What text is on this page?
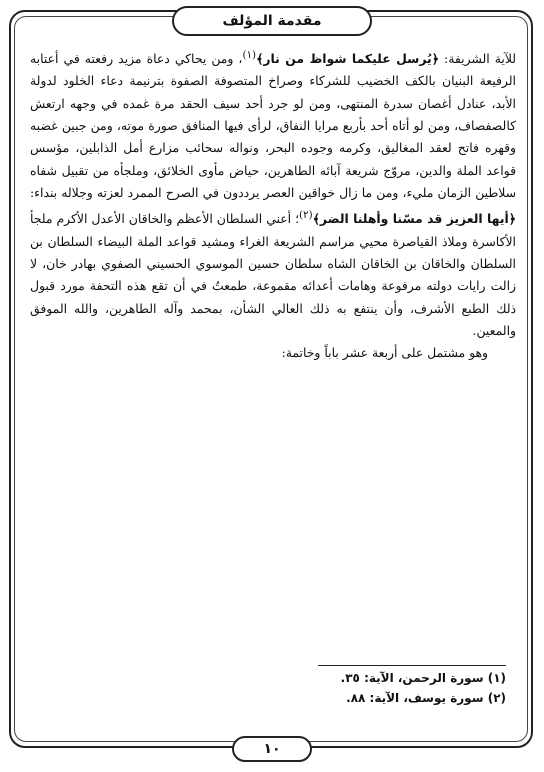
مقدمة المؤلف

للآية الشريفة: ﴿يُرسل عليكما شواظ من نار﴾$^{(١)}$، ومن يحاكي دعاة مزيد رفعته في أعتابه الرفيعة البنيان بالكف الخضيب للشركاء وصراخ المتصوفة الصفوة بترنيمة دعاء الخلود لدولة الأبد، عنادل أغصان سدرة المنتهى، ومن لو جرد أحد سيف الحقد مرة غمده في وجهه ارتعش كالصفصاف، ومن لو أتاه أحد بأربع مرايا النفاق، لرأى فيها المنافق صورة موته، ومن جبين غضبه وقهره فاتح لعقد المغاليق، وكرمه وجوده البحر، ونواله سحائب مزارع أمل الذابلين، مؤسس قواعد الملة والدين، مروّج شريعة آبائه الطاهرين، حياض مأوى الخلائق، وملجأه من تقبيل شفاه سلاطين الزمان مليء، ومن ما زال خواقين العصر يرددون في الصرح الممرد لعزته وجلاله بنداء: ﴿أيها العزيز قد مسّنا وأهلنا الضر﴾$^{(٢)}$؛ أعني السلطان الأعظم والخاقان الأعدل الأكرم ملجأ الأكاسرة وملاذ القياصرة محيي مراسم الشريعة الغراء ومشيد قواعد الملة البيضاء السلطان بن السلطان والخاقان بن الخاقان الشاه سلطان حسين الموسوي الحسيني الصفوي بهادر خان، لا زالت رايات دولته مرفوعة وهامات أعدائه مقموعة، طمعتُ في أن تقع هذه التحفة مورد قبول ذلك الطبع الأشرف، وأن ينتفع به ذلك العالي الشأن، بمحمد وآله الطاهرين، والله الموفق والمعين.

وهو مشتمل على أربعة عشر باباً وخاتمة:

(١) سورة الرحمن، الآية: ٣٥.
(٢) سورة يوسف، الآية: ٨٨.
١٠
